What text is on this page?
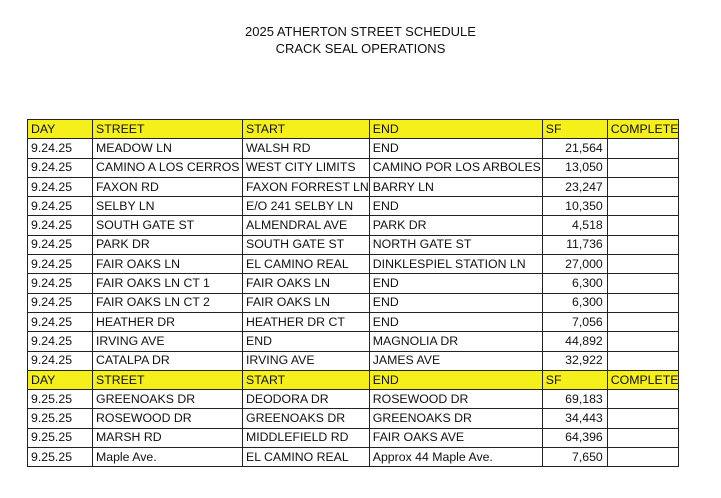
2025 ATHERTON STREET SCHEDULE
CRACK SEAL OPERATIONS
DAY	STREET	START	END	SF	COMPLETE
9.24.25	MEADOW LN	WALSH RD	END	21,564	
9.24.25	CAMINO A LOS CERROS	WEST CITY LIMITS	CAMINO POR LOS ARBOLES	13,050	
9.24.25	FAXON RD	FAXON FORREST LN	BARRY LN	23,247	
9.24.25	SELBY LN	E/O 241 SELBY LN	END	10,350	
9.24.25	SOUTH GATE ST	ALMENDRAL AVE	PARK DR	4,518	
9.24.25	PARK DR	SOUTH GATE ST	NORTH GATE ST	11,736	
9.24.25	FAIR OAKS LN	EL CAMINO REAL	DINKLESPIEL STATION LN	27,000	
9.24.25	FAIR OAKS LN CT 1	FAIR OAKS LN	END	6,300	
9.24.25	FAIR OAKS LN CT 2	FAIR OAKS LN	END	6,300	
9.24.25	HEATHER DR	HEATHER DR CT	END	7,056	
9.24.25	IRVING AVE	END	MAGNOLIA DR	44,892	
9.24.25	CATALPA DR	IRVING AVE	JAMES AVE	32,922	
DAY	STREET	START	END	SF	COMPLETE
9.25.25	GREENOAKS DR	DEODORA DR	ROSEWOOD DR	69,183	
9.25.25	ROSEWOOD DR	GREENOAKS DR	GREENOAKS DR	34,443	
9.25.25	MARSH RD	MIDDLEFIELD RD	FAIR OAKS AVE	64,396	
9.25.25	Maple Ave.	EL CAMINO REAL	Approx 44 Maple Ave.	7,650	
